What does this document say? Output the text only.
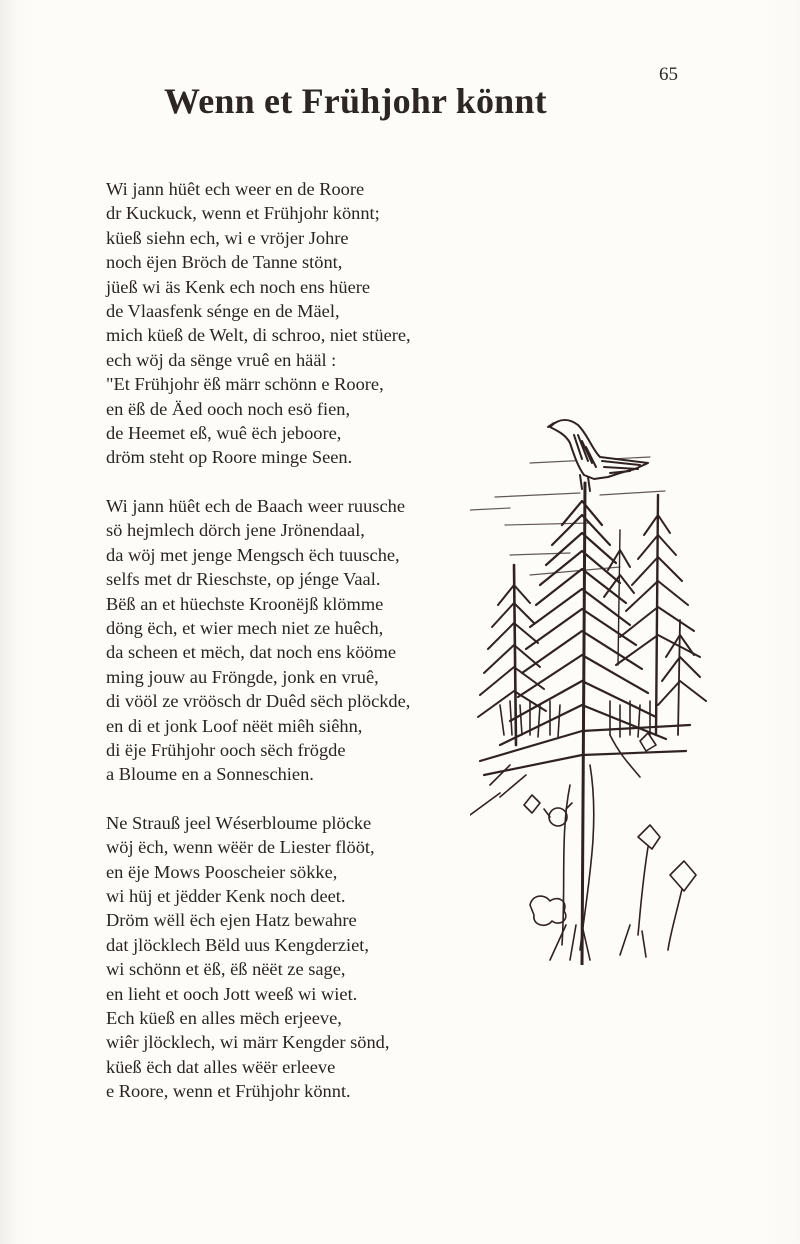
65
Wenn et Frühjohr könnt
Wi jann hüêt ech weer en de Roore
dr Kuckuck, wenn et Frühjohr könnt;
küeß siehn ech, wi e vröjer Johre
noch ëjen Bröch de Tanne stönt,
jüeß wi äs Kenk ech noch ens hüere
de Vlaasfenk sénge en de Mäel,
mich küeß de Welt, di schroo, niet stüere,
ech wöj da sënge vruê en hääl :
"Et Frühjohr ëß märr schönn e Roore,
en ëß de Äed ooch noch esö fien,
de Heemet eß, wuê ëch jeboore,
dröm steht op Roore minge Seen.
Wi jann hüêt ech de Baach weer ruusche
sö hejmlech dörch jene Jrönendaal,
da wöj met jenge Mengsch ëch tuusche,
selfs met dr Rieschste, op jénge Vaal.
Bëß an et hüechste Kroonëjß klömme
döng ëch, et wier mech niet ze huêch,
da scheen et mëch, dat noch ens kööme
ming jouw au Fröngde, jonk en vruê,
di vööl ze vröösch dr Duêd sëch plöckde,
en di et jonk Loof nëët miêh siêhn,
di ëje Frühjohr ooch sëch frögde
a Bloume en a Sonneschien.
Ne Strauß jeel Wéserbloume plöcke
wöj ëch, wenn wëër de Liester flööt,
en ëje Mows Pooscheier sökke,
wi hüj et jëdder Kenk noch deet.
Dröm wëll ëch ejen Hatz bewahre
dat jlöcklech Bëld uus Kengderziet,
wi schönn et ëß, ëß nëët ze sage,
en lieht et ooch Jott weeß wi wiet.
Ech küeß en alles mëch erjeeve,
wiêr jlöcklech, wi märr Kengder sönd,
küeß ëch dat alles wëër erleeve
e Roore, wenn et Frühjohr könnt.
